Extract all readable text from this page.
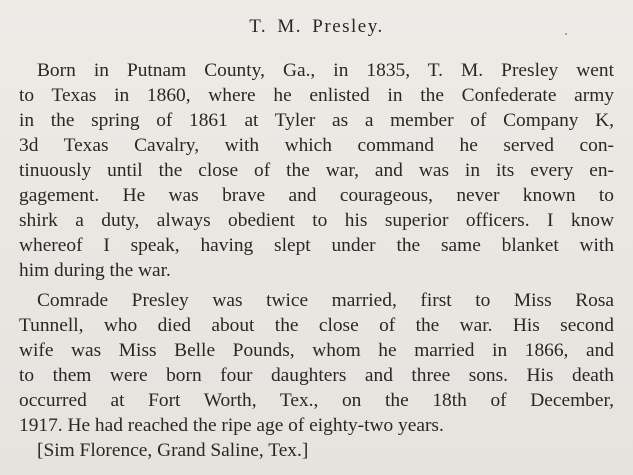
T. M. Presley.
Born in Putnam County, Ga., in 1835, T. M. Presley went
to Texas in 1860, where he enlisted in the Confederate army
in the spring of 1861 at Tyler as a member of Company K,
3d Texas Cavalry, with which command he served con-
tinuously until the close of the war, and was in its every en-
gagement. He was brave and courageous, never known to
shirk a duty, always obedient to his superior officers. I know
whereof I speak, having slept under the same blanket with
him during the war.
Comrade Presley was twice married, first to Miss Rosa
Tunnell, who died about the close of the war. His second
wife was Miss Belle Pounds, whom he married in 1866, and
to them were born four daughters and three sons. His death
occurred at Fort Worth, Tex., on the 18th of December,
1917. He had reached the ripe age of eighty-two years.
[Sim Florence, Grand Saline, Tex.]
